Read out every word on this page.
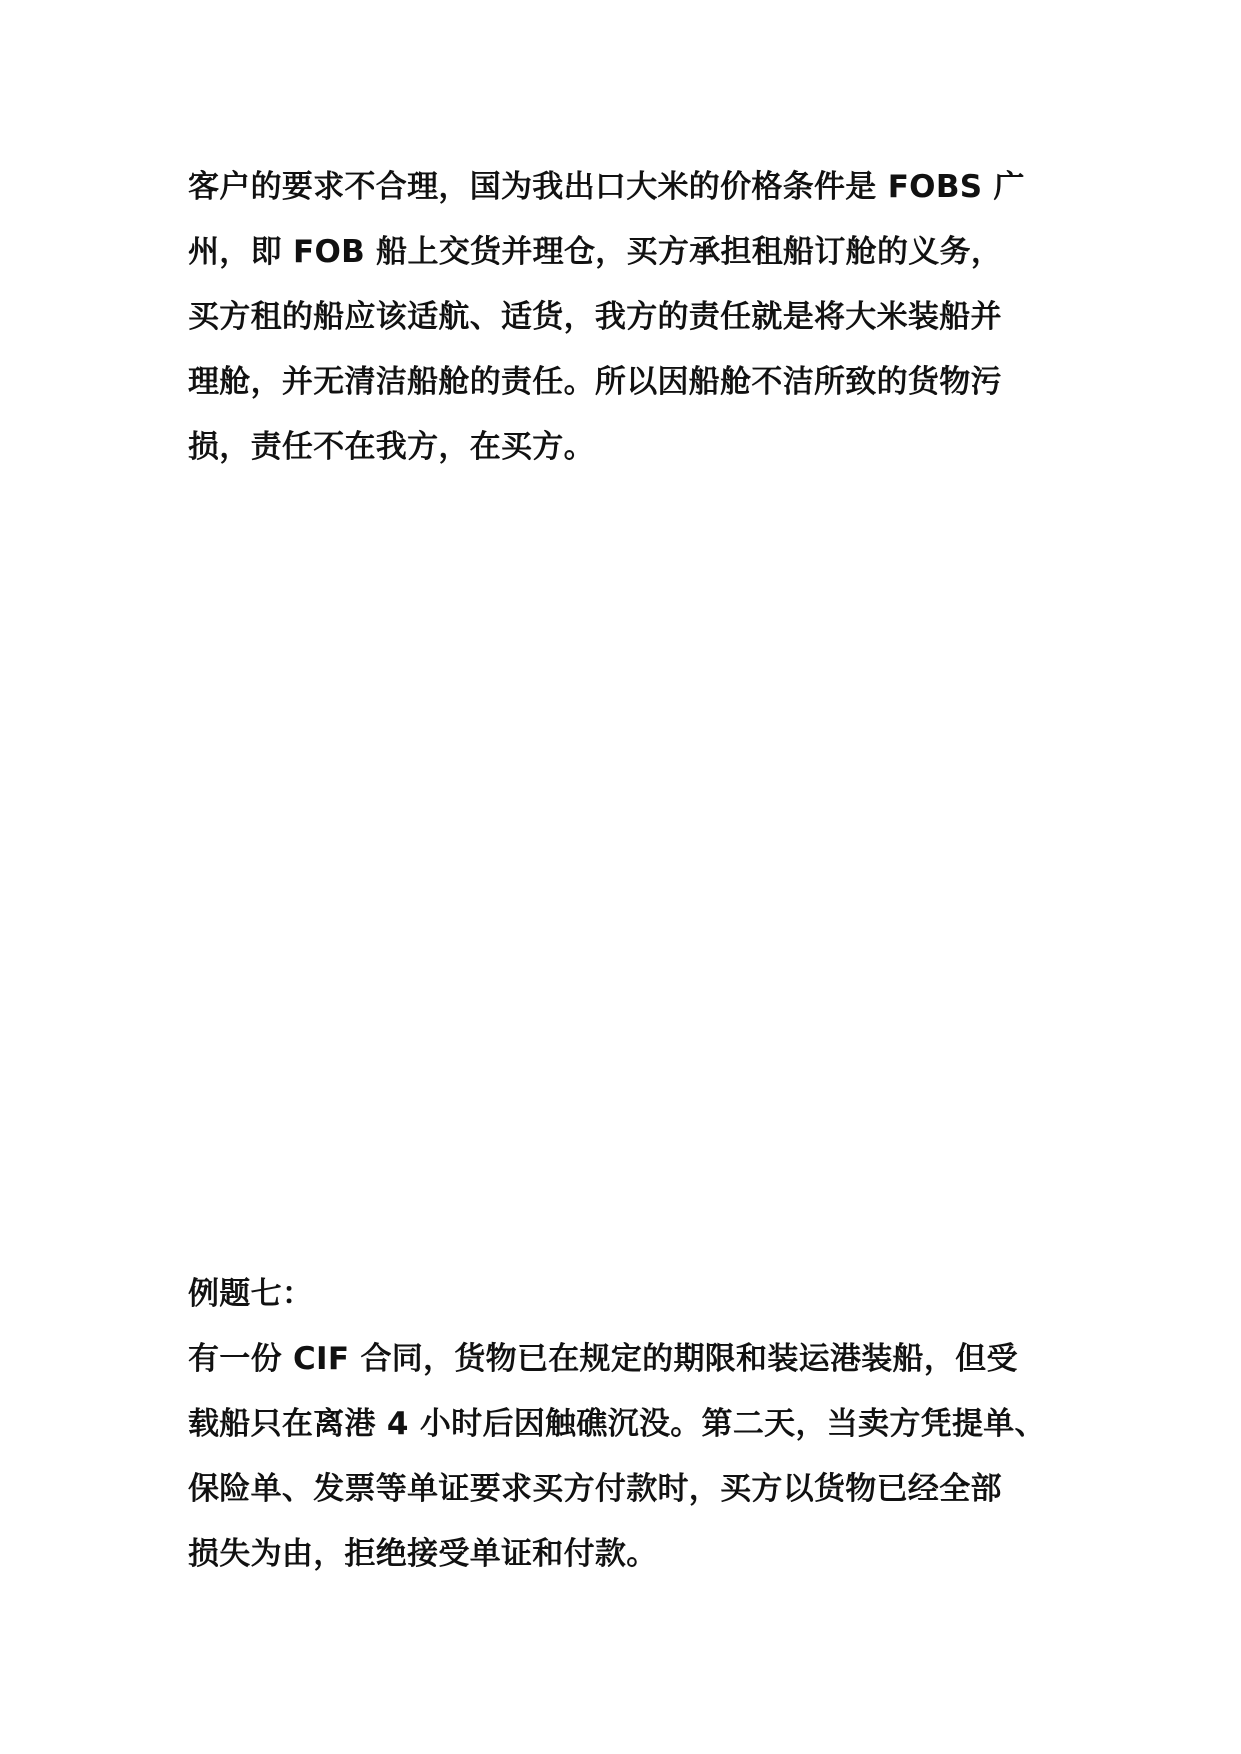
客户的要求不合理，国为我出口大米的价格条件是 FOBS 广
州，即 FOB 船上交货并理仓，买方承担租船订舱的义务，
买方租的船应该适航、适货，我方的责任就是将大米装船并
理舱，并无清洁船舱的责任。所以因船舱不洁所致的货物污
损，责任不在我方，在买方。
例题七：
有一份 CIF 合同，货物已在规定的期限和装运港装船，但受
载船只在离港 4 小时后因触礁沉没。第二天，当卖方凭提单、
保险单、发票等单证要求买方付款时，买方以货物已经全部
损失为由，拒绝接受单证和付款。
